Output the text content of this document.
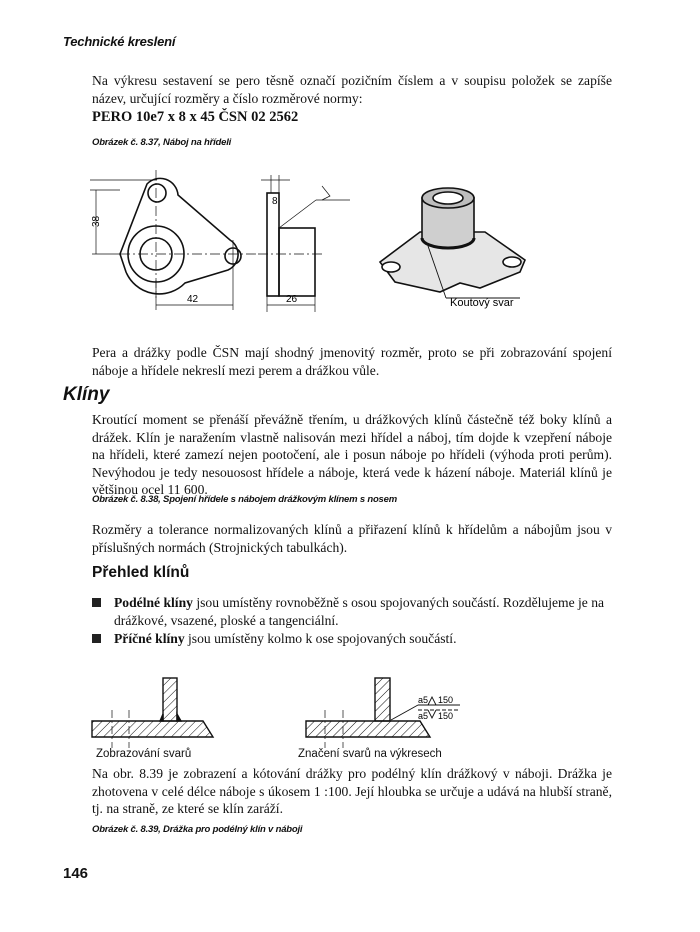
Technické kreslení
Na výkresu sestavení se pero těsně označí pozičním číslem a v soupisu položek se zapíše název, určující rozměry a číslo rozměrové normy:
PERO 10e7 x 8 x 45 ČSN 02 2562
Obrázek č. 8.37, Náboj na hřídeli
38
42
8
26	Koutový svar
Pera a drážky podle ČSN mají shodný jmenovitý rozměr, proto se při zobrazování spojení náboje a hřídele nekreslí mezi perem a drážkou vůle.
Klíny
Kroutící moment se přenáší převážně třením, u drážkových klínů částečně též boky klínů a drážek. Klín je naražením vlastně nalisován mezi hřídel a náboj, tím dojde k vzepření náboje na hřídeli, které zamezí nejen pootočení, ale i posun náboje po hřídeli (výhoda proti perům). Nevýhodou je tedy nesouosost hřídele a náboje, která vede k házení náboje. Materiál klínů je většinou ocel 11 600.
Obrázek č. 8.38, Spojení hřídele s nábojem drážkovým klínem s nosem
Rozměry a tolerance normalizovaných klínů a přiřazení klínů k hřídelům a nábojům jsou v příslušných normách (Strojnických tabulkách).
Přehled klínů
Podélné klíny jsou umístěny rovnoběžně s osou spojovaných součástí. Rozdělujeme je na drážkové, vsazené, ploské a tangenciální.
Příčné klíny jsou umístěny kolmo k ose spojovaných součástí.
a5 150
a5 150
Zobrazování svarů	Značení svarů na výkresech
Na obr. 8.39 je zobrazení a kótování drážky pro podélný klín drážkový v náboji. Drážka je zhotovena v celé délce náboje s úkosem 1 :100. Její hloubka se určuje a udává na hlubší straně, tj. na straně, ze které se klín zaráží.
Obrázek č. 8.39, Drážka pro podélný klín v náboji
146
